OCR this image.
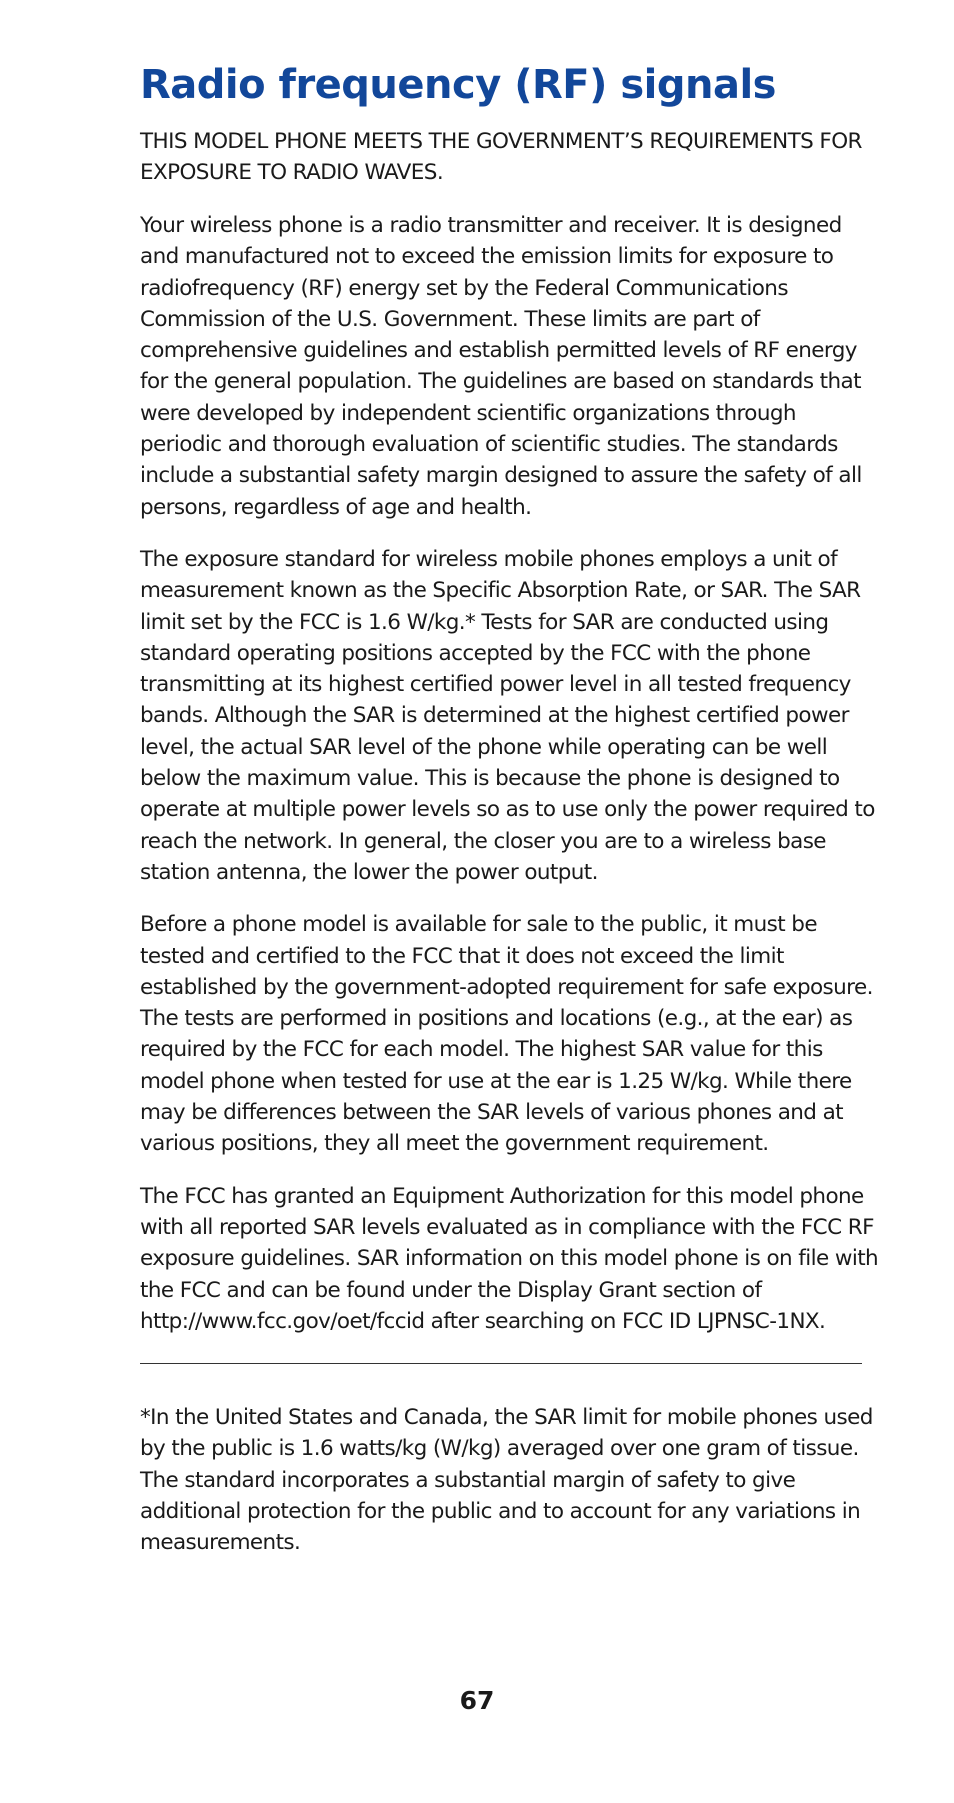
Radio frequency (RF) signals

THIS MODEL PHONE MEETS THE GOVERNMENT’S REQUIREMENTS FOR EXPOSURE TO RADIO WAVES.

Your wireless phone is a radio transmitter and receiver. It is designed and manufactured not to exceed the emission limits for exposure to radiofrequency (RF) energy set by the Federal Communications Commission of the U.S. Government. These limits are part of comprehensive guidelines and establish permitted levels of RF energy for the general population. The guidelines are based on standards that were developed by independent scientific organizations through periodic and thorough evaluation of scientific studies. The standards include a substantial safety margin designed to assure the safety of all persons, regardless of age and health.

The exposure standard for wireless mobile phones employs a unit of measurement known as the Specific Absorption Rate, or SAR. The SAR limit set by the FCC is 1.6 W/kg.* Tests for SAR are conducted using standard operating positions accepted by the FCC with the phone transmitting at its highest certified power level in all tested frequency bands. Although the SAR is determined at the highest certified power level, the actual SAR level of the phone while operating can be well below the maximum value. This is because the phone is designed to operate at multiple power levels so as to use only the power required to reach the network. In general, the closer you are to a wireless base station antenna, the lower the power output.

Before a phone model is available for sale to the public, it must be tested and certified to the FCC that it does not exceed the limit established by the government-adopted requirement for safe exposure. The tests are performed in positions and locations (e.g., at the ear) as required by the FCC for each model. The highest SAR value for this model phone when tested for use at the ear is 1.25 W/kg. While there may be differences between the SAR levels of various phones and at various positions, they all meet the government requirement.

The FCC has granted an Equipment Authorization for this model phone with all reported SAR levels evaluated as in compliance with the FCC RF exposure guidelines. SAR information on this model phone is on file with the FCC and can be found under the Display Grant section of http://www.fcc.gov/oet/fccid after searching on FCC ID LJPNSC-1NX.

*In the United States and Canada, the SAR limit for mobile phones used by the public is 1.6 watts/kg (W/kg) averaged over one gram of tissue. The standard incorporates a substantial margin of safety to give additional protection for the public and to account for any variations in measurements.

67
